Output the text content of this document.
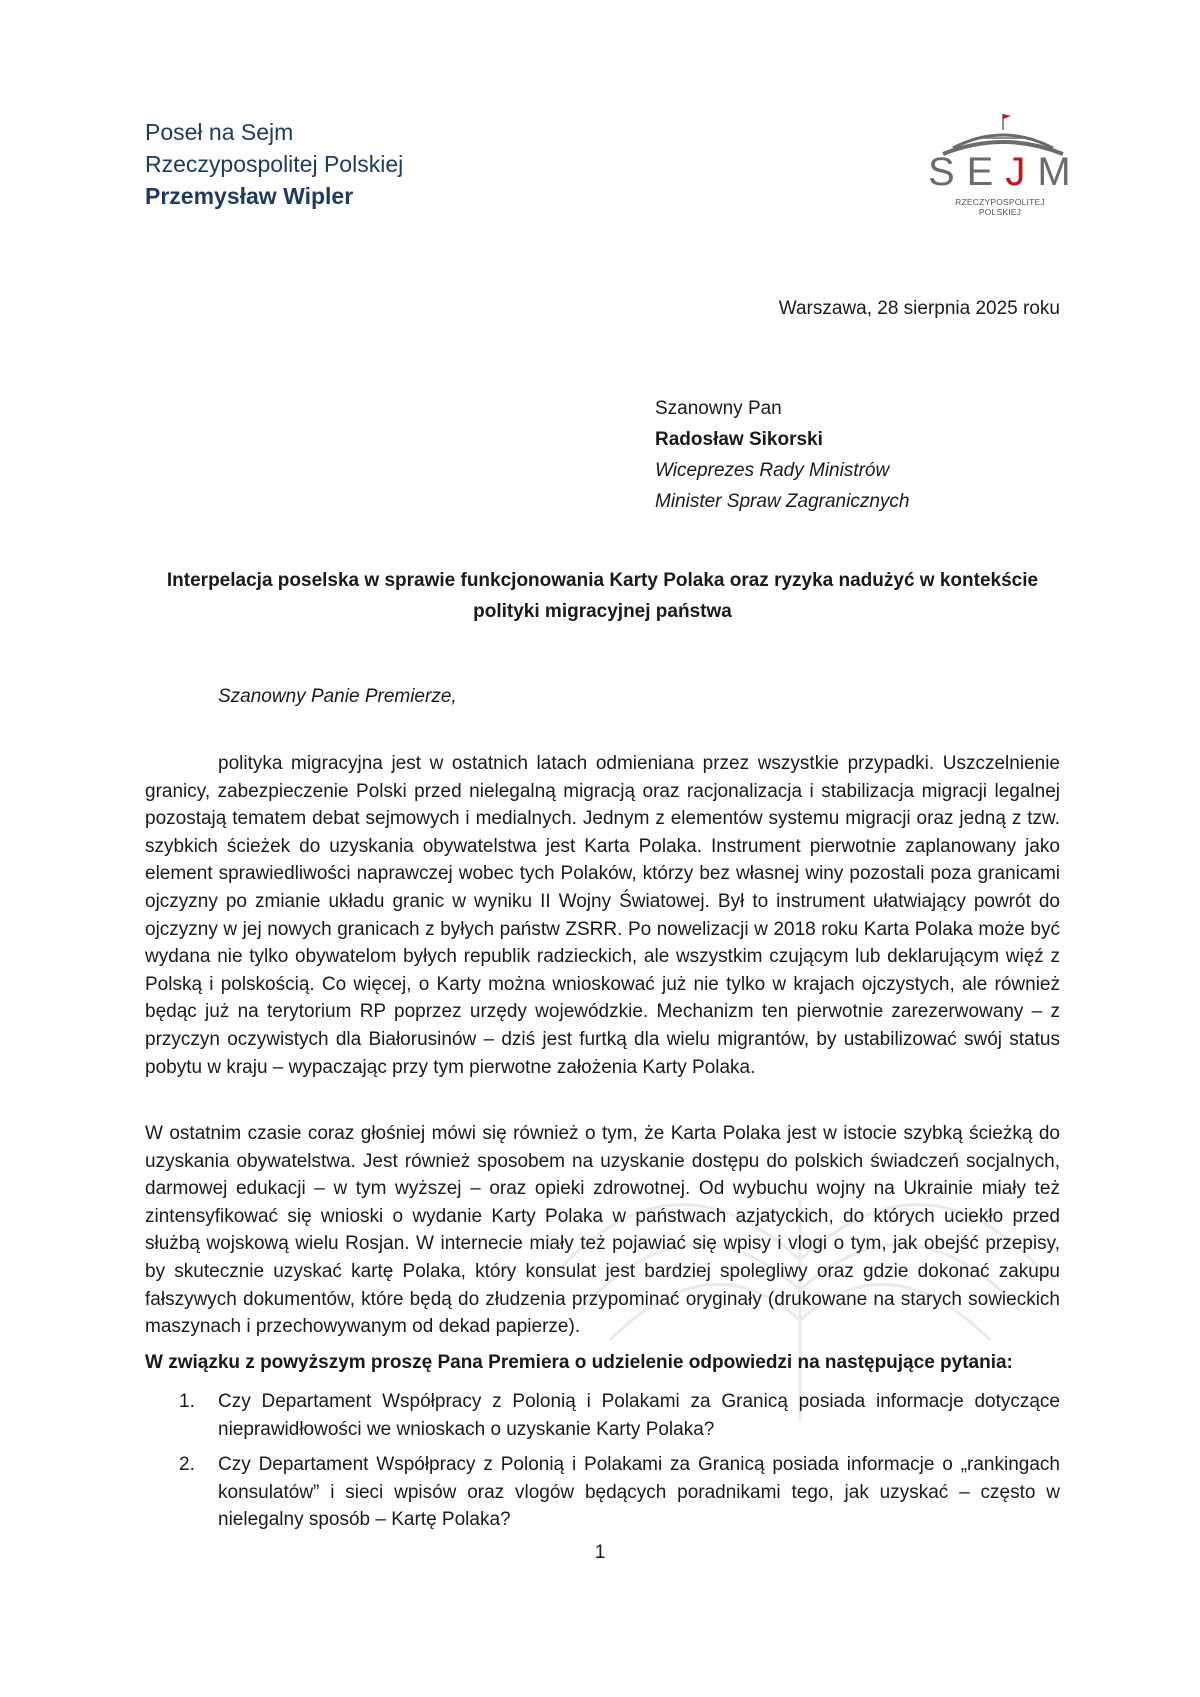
Poseł na Sejm
Rzeczypospolitej Polskiej
Przemysław Wipler
SEJM
RZECZYPOSPOLITEJ POLSKIEJ
Warszawa, 28 sierpnia 2025 roku
Szanowny Pan
Radosław Sikorski
Wiceprezes Rady Ministrów
Minister Spraw Zagranicznych
Interpelacja poselska w sprawie funkcjonowania Karty Polaka oraz ryzyka nadużyć w kontekście polityki migracyjnej państwa
Szanowny Panie Premierze,
polityka migracyjna jest w ostatnich latach odmieniana przez wszystkie przypadki. Uszczelnienie granicy, zabezpieczenie Polski przed nielegalną migracją oraz racjonalizacja i stabilizacja migracji legalnej pozostają tematem debat sejmowych i medialnych. Jednym z elementów systemu migracji oraz jedną z tzw. szybkich ścieżek do uzyskania obywatelstwa jest Karta Polaka. Instrument pierwotnie zaplanowany jako element sprawiedliwości naprawczej wobec tych Polaków, którzy bez własnej winy pozostali poza granicami ojczyzny po zmianie układu granic w wyniku II Wojny Światowej. Był to instrument ułatwiający powrót do ojczyzny w jej nowych granicach z byłych państw ZSRR. Po nowelizacji w 2018 roku Karta Polaka może być wydana nie tylko obywatelom byłych republik radzieckich, ale wszystkim czującym lub deklarującym więź z Polską i polskością. Co więcej, o Karty można wnioskować już nie tylko w krajach ojczystych, ale również będąc już na terytorium RP poprzez urzędy wojewódzkie. Mechanizm ten pierwotnie zarezerwowany – z przyczyn oczywistych dla Białorusinów – dziś jest furtką dla wielu migrantów, by ustabilizować swój status pobytu w kraju – wypaczając przy tym pierwotne założenia Karty Polaka.
W ostatnim czasie coraz głośniej mówi się również o tym, że Karta Polaka jest w istocie szybką ścieżką do uzyskania obywatelstwa. Jest również sposobem na uzyskanie dostępu do polskich świadczeń socjalnych, darmowej edukacji – w tym wyższej – oraz opieki zdrowotnej. Od wybuchu wojny na Ukrainie miały też zintensyfikować się wnioski o wydanie Karty Polaka w państwach azjatyckich, do których uciekło przed służbą wojskową wielu Rosjan. W internecie miały też pojawiać się wpisy i vlogi o tym, jak obejść przepisy, by skutecznie uzyskać kartę Polaka, który konsulat jest bardziej spolegliwy oraz gdzie dokonać zakupu fałszywych dokumentów, które będą do złudzenia przypominać oryginały (drukowane na starych sowieckich maszynach i przechowywanym od dekad papierze).
W związku z powyższym proszę Pana Premiera o udzielenie odpowiedzi na następujące pytania:
1. Czy Departament Współpracy z Polonią i Polakami za Granicą posiada informacje dotyczące nieprawidłowości we wnioskach o uzyskanie Karty Polaka?
2. Czy Departament Współpracy z Polonią i Polakami za Granicą posiada informacje o „rankingach konsulatów” i sieci wpisów oraz vlogów będących poradnikami tego, jak uzyskać – często w nielegalny sposób – Kartę Polaka?
1
